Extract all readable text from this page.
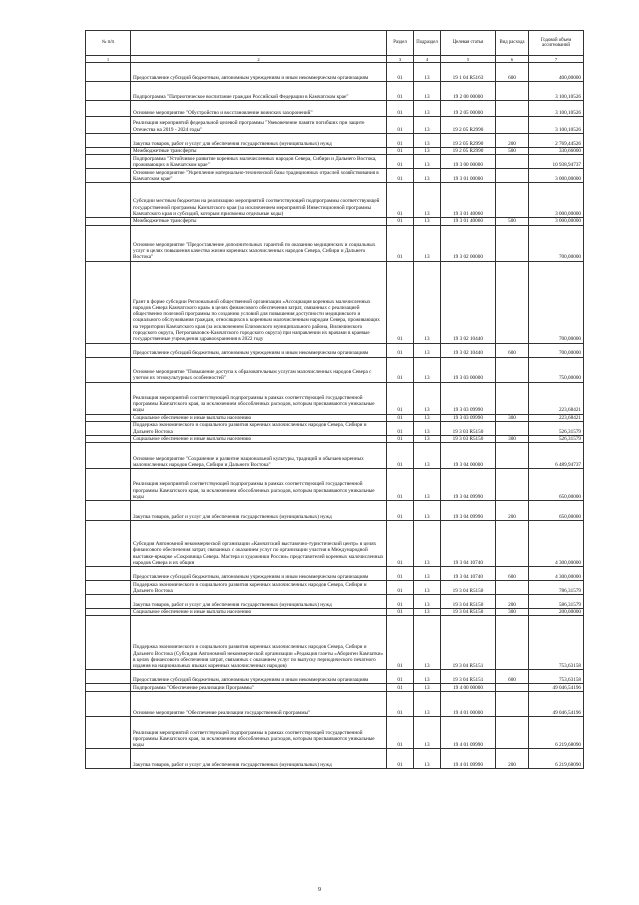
№ п/п		Раздел	Подраздел	Целевая статья	Вид расхода	Годовой объем ассигнований
1	2	3	4	5	6	7
	Предоставление субсидий бюджетным, автономным учреждениям и иным некоммерческим организациям	01	13	19 1 04 R5163	600	400,00000
	Подпрограмма "Патриотическое воспитание граждан Российской Федерации в Камчатском крае"	01	13	19 2 00 00000		3 100,10526
	Основное мероприятие "Обустройство и восстановление воинских захоронений"	01	13	19 2 05 00000		3 100,10526
	Реализация мероприятий федеральной целевой программы "Увековечение памяти погибших при защите Отечества на 2019 - 2024 годы"	01	13	19 2 05 R2990		3 100,10526
	Закупка товаров, работ и услуг для обеспечения государственных (муниципальных) нужд	01	13	19 2 05 R2990	200	2 769,44526
	Межбюджетные трансферты	01	13	19 2 05 R2990	500	330,66000
	Подпрограмма "Устойчивое развитие коренных малочисленных народов Севера, Сибири и Дальнего Востока, проживающих в Камчатском крае"	01	13	19 3 00 00000		10 938,94737
	Основное мероприятие "Укрепление материально-технической базы традиционных отраслей хозяйствования в Камчатском крае"	01	13	19 3 01 00000		3 000,00000
	Субсидии местным бюджетам на реализацию мероприятий соответствующей подпрограммы соответствующей государственной программы Камчатского края (за исключением мероприятий Инвестиционной программы Камчатского края и субсидий, которым присвоены отдельные коды)	01	13	19 3 01 40060		3 000,00000
	Межбюджетные трансферты	01	13	19 3 01 40060	500	3 000,00000
	Основное мероприятие "Предоставление дополнительных гарантий по оказанию медицинских и социальных услуг в целях повышения качества жизни коренных малочисленных народов Севера, Сибири и Дальнего Востока"	01	13	19 3 02 00000		700,00000
	Грант в форме субсидии Региональной общественной организации «Ассоциация коренных малочисленных народов Севера Камчатского края» в целях финансового обеспечения затрат, связанных с реализацией общественно полезной программы по созданию условий для повышения доступности медицинского и социального обслуживания граждан, относящихся к коренным малочисленным народам Севера, проживающих на территории Камчатского края (за исключением Елизовского муниципального района, Вилючинского городского округа, Петропавловск-Камчатского городского округа) при направлении их врачами в краевые государственные учреждения здравоохранения в 2022 году	01	13	19 3 02 10440		700,00000
	Предоставление субсидий бюджетным, автономным учреждениям и иным некоммерческим организациям	01	13	19 3 02 10440	600	700,00000
	Основное мероприятие "Повышение доступа к образовательным услугам малочисленных народов Севера с учетом их этнокультурных особенностей"	01	13	19 3 03 00000		750,00000
	Реализация мероприятий соответствующей подпрограммы в рамках соответствующей государственной программы Камчатского края, за исключением обособленных расходов, которым присваиваются уникальные коды	01	13	19 3 03 09990		223,68421
	Социальное обеспечение и иные выплаты населению	01	13	19 3 03 09990	300	223,68421
	Поддержка экономического и социального развития коренных малочисленных народов Севера, Сибири и Дальнего Востока	01	13	19 3 03 R5150		526,31579
	Социальное обеспечение и иные выплаты населению	01	13	19 3 03 R5150	300	526,31579
	Основное мероприятие "Сохранение и развитие национальной культуры, традиций и обычаев коренных малочисленных народов Севера, Сибири и Дальнего Востока"	01	13	19 3 04 00000		6 489,94737
	Реализация мероприятий соответствующей подпрограммы в рамках соответствующей государственной программы Камчатского края, за исключением обособленных расходов, которым присваиваются уникальные коды	01	13	19 3 04 09990		650,00000
	Закупка товаров, работ и услуг для обеспечения государственных (муниципальных) нужд	01	13	19 3 04 09990	200	650,00000
	Субсидия Автономной некоммерческой организации «Камчатский выставочно-туристический центр» в целях финансового обеспечения затрат, связанных с оказанием услуг по организации участия в Международной выставке-ярмарке «Сокровища Севера. Мастера и художники России» представителей коренных малочисленных народов Севера и их общин	01	13	19 3 04 10740		4 300,00000
	Предоставление субсидий бюджетным, автономным учреждениям и иным некоммерческим организациям	01	13	19 3 04 10740	600	4 300,00000
	Поддержка экономического и социального развития коренных малочисленных народов Севера, Сибири и Дальнего Востока	01	13	19 3 04 R5150		786,31579
	Закупка товаров, работ и услуг для обеспечения государственных (муниципальных) нужд	01	13	19 3 04 R5150	200	586,31579
	Социальное обеспечение и иные выплаты населению	01	13	19 3 04 R5150	300	200,00000
	Поддержка экономического и социального развития коренных малочисленных народов Севера, Сибири и Дальнего Востока (Субсидия Автономной некоммерческой организации «Редакция газеты «Абориген Камчатки» в целях финансового обеспечения затрат, связанных с оказанием услуг по выпуску периодического печатного издания на национальных языках коренных малочисленных народов)	01	13	19 3 04 R5151		753,63158
	Предоставление субсидий бюджетным, автономным учреждениям и иным некоммерческим организациям	01	13	19 3 04 R5151	600	753,63158
	Подпрограмма "Обеспечение реализации Программы"	01	13	19 4 00 00000		49 046,54196
	Основное мероприятие "Обеспечение реализации государственной программы"	01	13	19 4 01 00000		49 046,54196
	Реализация мероприятий соответствующей подпрограммы в рамках соответствующей государственной программы Камчатского края, за исключением обособленных расходов, которым присваиваются уникальные коды	01	13	19 4 01 09990		6 219,68090
	Закупка товаров, работ и услуг для обеспечения государственных (муниципальных) нужд	01	13	19 4 01 09990	200	6 219,68090
9
